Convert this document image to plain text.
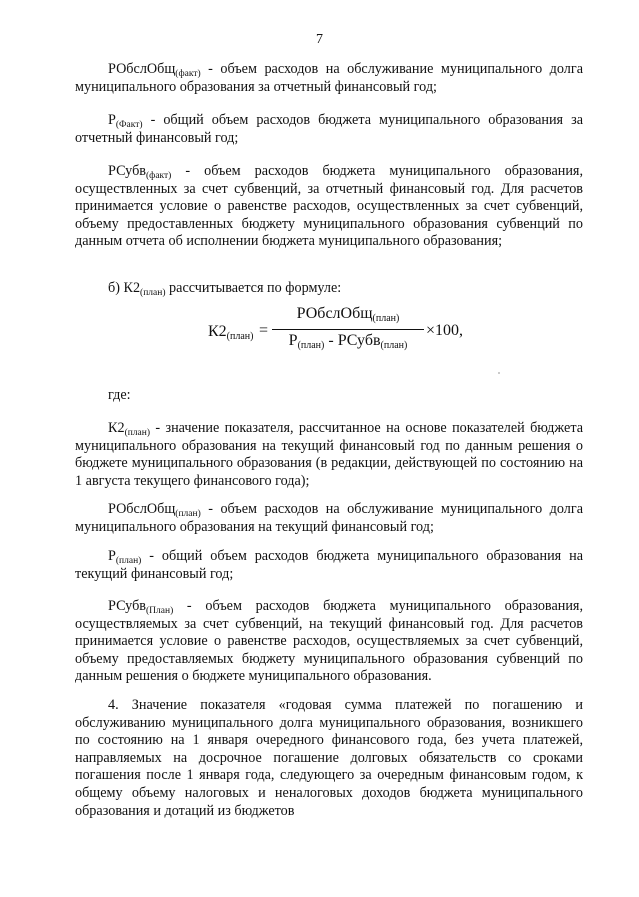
7

РОбслОбщ$_{(факт)}$ - объем расходов на обслуживание муниципального долга муниципального образования за отчетный финансовый год;

$Р_{(Факт)}$ - общий объем расходов бюджета муниципального образования за отчетный финансовый год;

РСубв$_{(факт)}$ - объем расходов бюджета муниципального образования, осуществленных за счет субвенций, за отчетный финансовый год. Для расчетов принимается условие о равенстве расходов, осуществленных за счет субвенций, объему предоставленных бюджету муниципального образования субвенций по данным отчета об исполнении бюджета муниципального образования;

б) $К2_{(план)}$ рассчитывается по формуле:

$К2_{(план)}$ =
РОбслОбщ$_{(план)}$
$Р_{(план)}$ - РСубв$_{(план)}$
×100,

где:

$К2_{(план)}$ - значение показателя, рассчитанное на основе показателей бюджета муниципального образования на текущий финансовый год по данным решения о бюджете муниципального образования (в редакции, действующей по состоянию на 1 августа текущего финансового года);

РОбслОбщ$_{(план)}$ - объем расходов на обслуживание муниципального долга муниципального образования на текущий финансовый год;

$Р_{(план)}$ - общий объем расходов бюджета муниципального образования на текущий финансовый год;

РСубв$_{(План)}$ - объем расходов бюджета муниципального образования, осуществляемых за счет субвенций, на текущий финансовый год. Для расчетов принимается условие о равенстве расходов, осуществляемых за счет субвенций, объему предоставляемых бюджету муниципального образования субвенций по данным решения о бюджете муниципального образования.

4. Значение показателя «годовая сумма платежей по погашению и обслуживанию муниципального долга муниципального образования, возникшего по состоянию на 1 января очередного финансового года, без учета платежей, направляемых на досрочное погашение долговых обязательств со сроками погашения после 1 января года, следующего за очередным финансовым годом, к общему объему налоговых и неналоговых доходов бюджета муниципального образования и дотаций из бюджетов
